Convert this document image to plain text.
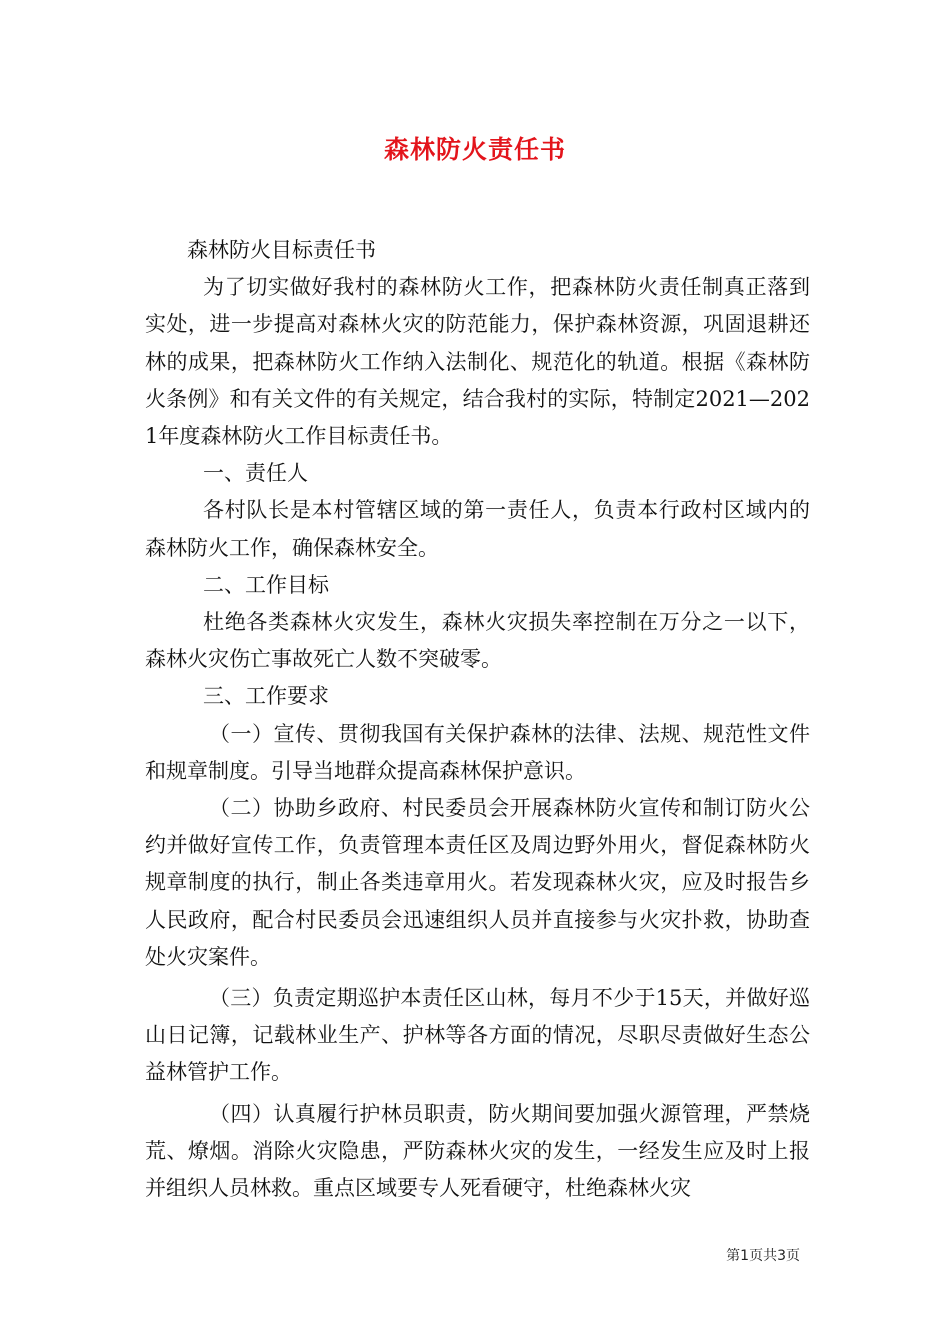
森林防火责任书

森林防火目标责任书

为了切实做好我村的森林防火工作，把森林防火责任制真正落到实处，进一步提高对森林火灾的防范能力，保护森林资源，巩固退耕还林的成果，把森林防火工作纳入法制化、规范化的轨道。根据《森林防火条例》和有关文件的有关规定，结合我村的实际，特制定2021—2021年度森林防火工作目标责任书。

一、责任人

各村队长是本村管辖区域的第一责任人，负责本行政村区域内的森林防火工作，确保森林安全。

二、工作目标

杜绝各类森林火灾发生，森林火灾损失率控制在万分之一以下，森林火灾伤亡事故死亡人数不突破零。

三、工作要求

（一）宣传、贯彻我国有关保护森林的法律、法规、规范性文件和规章制度。引导当地群众提高森林保护意识。

（二）协助乡政府、村民委员会开展森林防火宣传和制订防火公约并做好宣传工作，负责管理本责任区及周边野外用火，督促森林防火规章制度的执行，制止各类违章用火。若发现森林火灾，应及时报告乡人民政府，配合村民委员会迅速组织人员并直接参与火灾扑救，协助查处火灾案件。

（三）负责定期巡护本责任区山林，每月不少于15天，并做好巡山日记簿，记载林业生产、护林等各方面的情况，尽职尽责做好生态公益林管护工作。

（四）认真履行护林员职责，防火期间要加强火源管理，严禁烧荒、燎烟。消除火灾隐患，严防森林火灾的发生，一经发生应及时上报并组织人员林救。重点区域要专人死看硬守，杜绝森林火灾

第1页共3页
